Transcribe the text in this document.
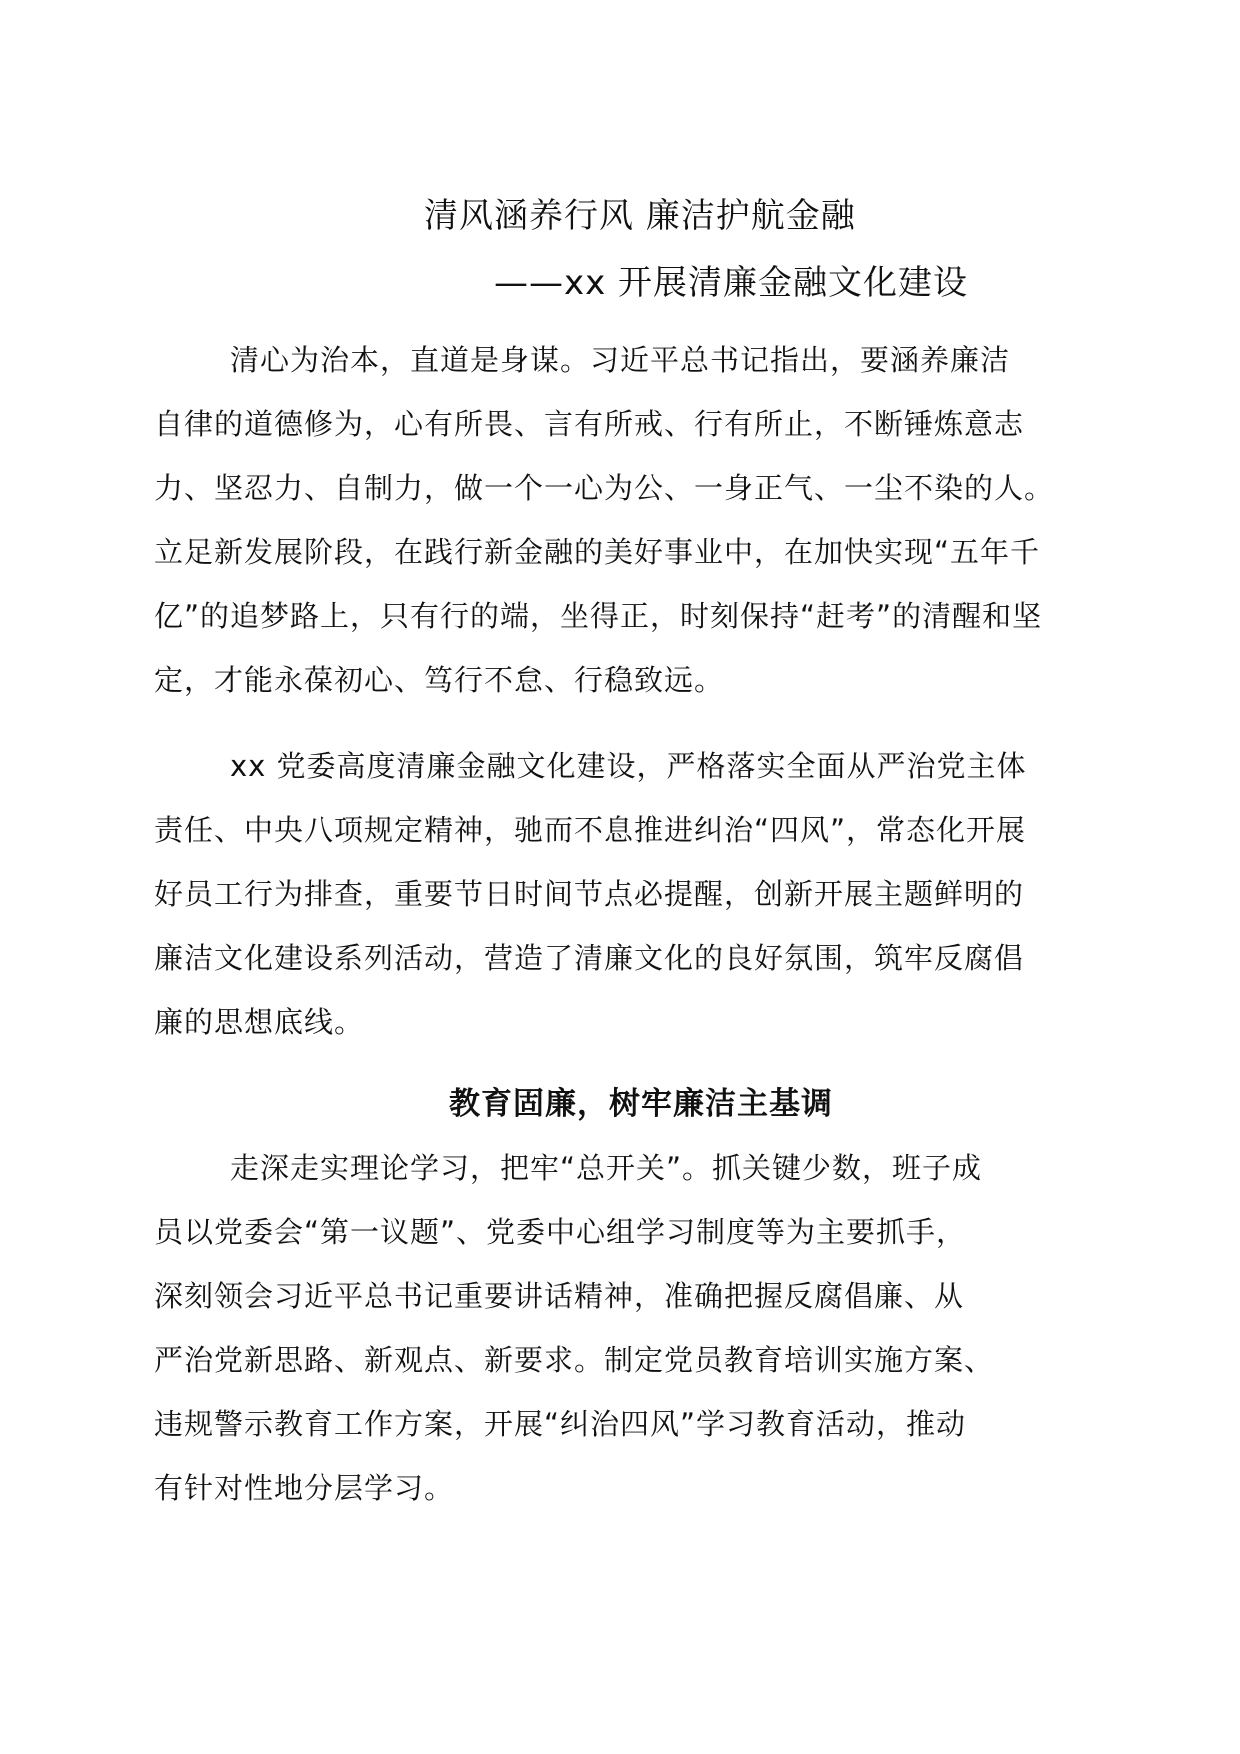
清风涵养行风 廉洁护航金融
——xx 开展清廉金融文化建设

清心为治本，直道是身谋。习近平总书记指出，要涵养廉洁
自律的道德修为，心有所畏、言有所戒、行有所止，不断锤炼意志
力、坚忍力、自制力，做一个一心为公、一身正气、一尘不染的人。
立足新发展阶段，在践行新金融的美好事业中，在加快实现“五年千
亿”的追梦路上，只有行的端，坐得正，时刻保持“赶考”的清醒和坚
定，才能永葆初心、笃行不怠、行稳致远。

xx 党委高度清廉金融文化建设，严格落实全面从严治党主体
责任、中央八项规定精神，驰而不息推进纠治“四风”，常态化开展
好员工行为排查，重要节日时间节点必提醒，创新开展主题鲜明的
廉洁文化建设系列活动，营造了清廉文化的良好氛围，筑牢反腐倡
廉的思想底线。

教育固廉，树牢廉洁主基调

走深走实理论学习，把牢“总开关”。抓关键少数，班子成
员以党委会“第一议题”、党委中心组学习制度等为主要抓手，
深刻领会习近平总书记重要讲话精神，准确把握反腐倡廉、从
严治党新思路、新观点、新要求。制定党员教育培训实施方案、
违规警示教育工作方案，开展“纠治四风”学习教育活动，推动
有针对性地分层学习。
